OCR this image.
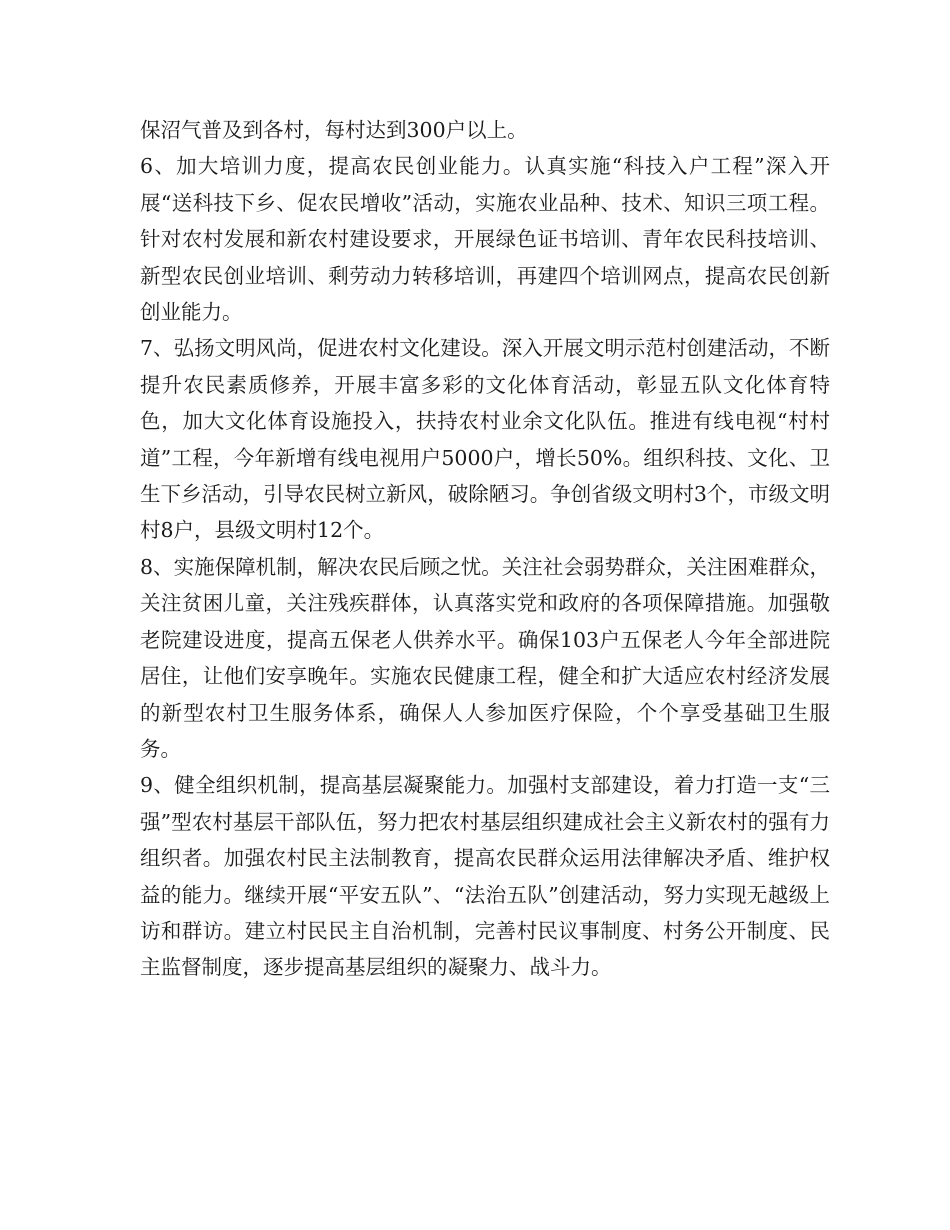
保沼气普及到各村，每村达到300户以上。

6、加大培训力度，提高农民创业能力。认真实施“科技入户工程”深入开展“送科技下乡、促农民增收”活动，实施农业品种、技术、知识三项工程。针对农村发展和新农村建设要求，开展绿色证书培训、青年农民科技培训、新型农民创业培训、剩劳动力转移培训，再建四个培训网点，提高农民创新创业能力。

7、弘扬文明风尚，促进农村文化建设。深入开展文明示范村创建活动，不断提升农民素质修养，开展丰富多彩的文化体育活动，彰显五队文化体育特色，加大文化体育设施投入，扶持农村业余文化队伍。推进有线电视“村村道”工程，今年新增有线电视用户5000户，增长50%。组织科技、文化、卫生下乡活动，引导农民树立新风，破除陋习。争创省级文明村3个，市级文明村8户，县级文明村12个。

8、实施保障机制，解决农民后顾之忧。关注社会弱势群众，关注困难群众，关注贫困儿童，关注残疾群体，认真落实党和政府的各项保障措施。加强敬老院建设进度，提高五保老人供养水平。确保103户五保老人今年全部进院居住，让他们安享晚年。实施农民健康工程，健全和扩大适应农村经济发展的新型农村卫生服务体系，确保人人参加医疗保险，个个享受基础卫生服务。

9、健全组织机制，提高基层凝聚能力。加强村支部建设，着力打造一支“三强”型农村基层干部队伍，努力把农村基层组织建成社会主义新农村的强有力组织者。加强农村民主法制教育，提高农民群众运用法律解决矛盾、维护权益的能力。继续开展“平安五队”、“法治五队”创建活动，努力实现无越级上访和群访。建立村民民主自治机制，完善村民议事制度、村务公开制度、民主监督制度，逐步提高基层组织的凝聚力、战斗力。
